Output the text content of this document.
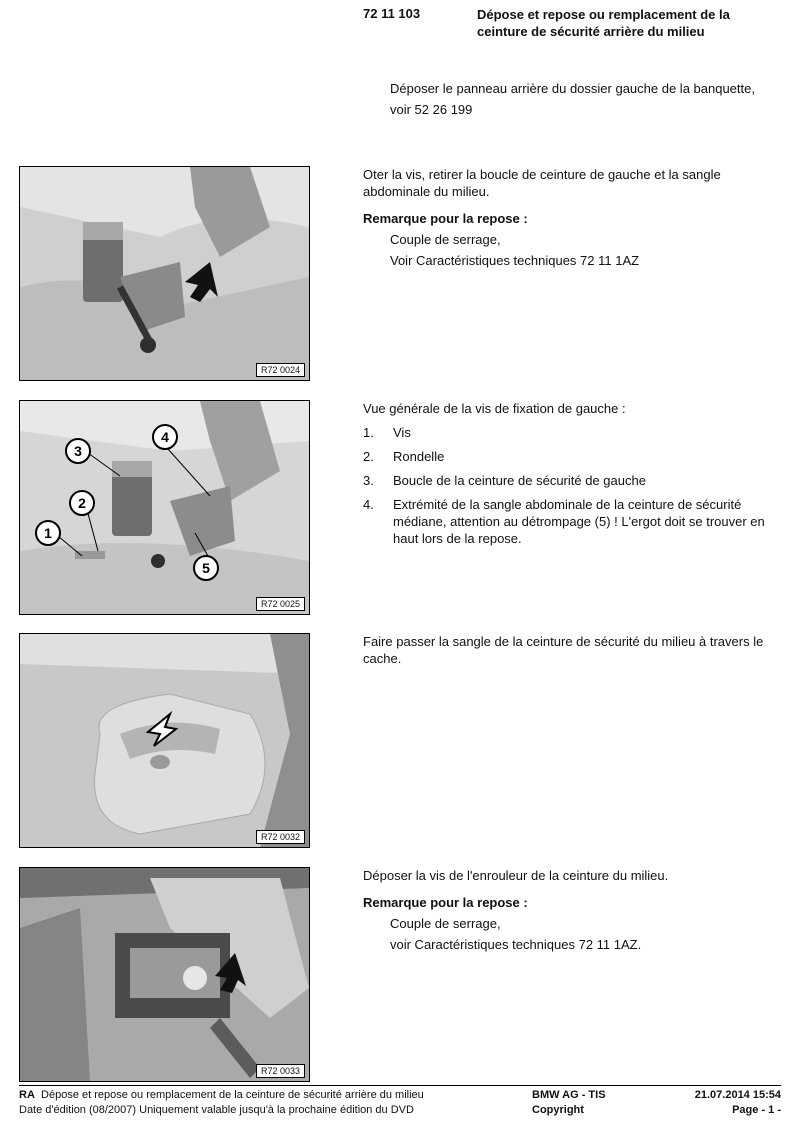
72 11 103	Dépose et repose ou remplacement de la ceinture de sécurité arrière du milieu
Déposer le panneau arrière du dossier gauche de la banquette,
voir 52 26 199
R72 0024
Oter la vis, retirer la boucle de ceinture de gauche et la sangle abdominale du milieu.
Remarque pour la repose :
Couple de serrage,
Voir Caractéristiques techniques 72 11 1AZ
1
2
3
4
5
R72 0025
Vue générale de la vis de fixation de gauche :
1. Vis
2. Rondelle
3. Boucle de la ceinture de sécurité de gauche
4. Extrémité de la sangle abdominale de la ceinture de sécurité médiane, attention au détrompage (5) ! L'ergot doit se trouver en haut lors de la repose.
R72 0032
Faire passer la sangle de la ceinture de sécurité du milieu à travers le cache.
R72 0033
Déposer la vis de l'enrouleur de la ceinture du milieu.
Remarque pour la repose :
Couple de serrage,
voir Caractéristiques techniques 72 11 1AZ.
RA Dépose et repose ou remplacement de la ceinture de sécurité arrière du milieu
Date d'édition (08/2007) Uniquement valable jusqu'à la prochaine édition du DVD
BMW AG - TIS
Copyright
21.07.2014 15:54
Page - 1 -
